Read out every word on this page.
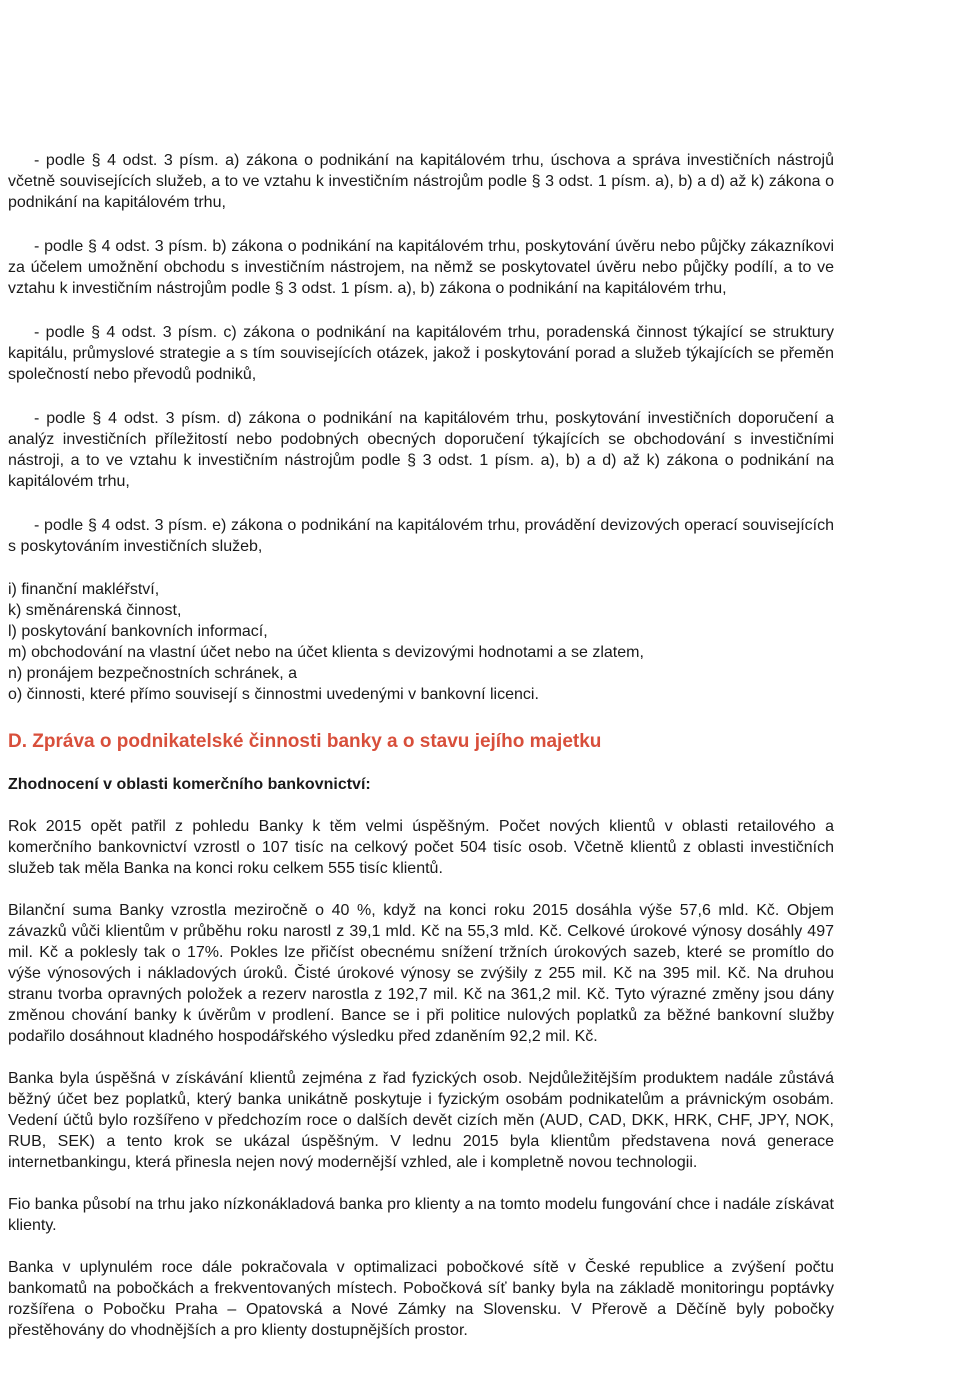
- podle § 4 odst. 3 písm. a) zákona o podnikání na kapitálovém trhu, úschova a správa investičních nástrojů včetně souvisejících služeb, a to ve vztahu k investičním nástrojům podle § 3 odst. 1 písm. a), b) a d) až k) zákona o podnikání na kapitálovém trhu,

- podle § 4 odst. 3 písm. b) zákona o podnikání na kapitálovém trhu, poskytování úvěru nebo půjčky zákazníkovi za účelem umožnění obchodu s investičním nástrojem, na němž se poskytovatel úvěru nebo půjčky podílí, a to ve vztahu k investičním nástrojům podle § 3 odst. 1 písm. a), b) zákona o podnikání na kapitálovém trhu,

- podle § 4 odst. 3 písm. c) zákona o podnikání na kapitálovém trhu, poradenská činnost týkající se struktury kapitálu, průmyslové strategie a s tím souvisejících otázek, jakož i poskytování porad a služeb týkajících se přeměn společností nebo převodů podniků,

- podle § 4 odst. 3 písm. d) zákona o podnikání na kapitálovém trhu, poskytování investičních doporučení a analýz investičních příležitostí nebo podobných obecných doporučení týkajících se obchodování s investičními nástroji, a to ve vztahu k investičním nástrojům podle § 3 odst. 1 písm. a), b) a d) až k) zákona o podnikání na kapitálovém trhu,

- podle § 4 odst. 3 písm. e) zákona o podnikání na kapitálovém trhu, provádění devizových operací souvisejících s poskytováním investičních služeb,

i) finanční makléřství,
k) směnárenská činnost,
l) poskytování bankovních informací,
m) obchodování na vlastní účet nebo na účet klienta s devizovými hodnotami a se zlatem,
n) pronájem bezpečnostních schránek, a
o) činnosti, které přímo souvisejí s činnostmi uvedenými v bankovní licenci.
D. Zpráva o podnikatelské činnosti banky a o stavu jejího majetku
Zhodnocení v oblasti komerčního bankovnictví:

Rok 2015 opět patřil z pohledu Banky k těm velmi úspěšným. Počet nových klientů v oblasti retailového a komerčního bankovnictví vzrostl o 107 tisíc na celkový počet 504 tisíc osob. Včetně klientů z oblasti investičních služeb tak měla Banka na konci roku celkem 555 tisíc klientů.

Bilanční suma Banky vzrostla meziročně o 40 %, když na konci roku 2015 dosáhla výše 57,6 mld. Kč. Objem závazků vůči klientům v průběhu roku narostl z 39,1 mld. Kč na 55,3 mld. Kč. Celkové úrokové výnosy dosáhly 497 mil. Kč a poklesly tak o 17%. Pokles lze přičíst obecnému snížení tržních úrokových sazeb, které se promítlo do výše výnosových i nákladových úroků. Čisté úrokové výnosy se zvýšily z 255 mil. Kč na 395 mil. Kč. Na druhou stranu tvorba opravných položek a rezerv narostla z 192,7 mil. Kč na 361,2 mil. Kč. Tyto výrazné změny jsou dány změnou chování banky k úvěrům v prodlení. Bance se i při politice nulových poplatků za běžné bankovní služby podařilo dosáhnout kladného hospodářského výsledku před zdaněním 92,2 mil. Kč.

Banka byla úspěšná v získávání klientů zejména z řad fyzických osob. Nejdůležitějším produktem nadále zůstává běžný účet bez poplatků, který banka unikátně poskytuje i fyzickým osobám podnikatelům a právnickým osobám. Vedení účtů bylo rozšířeno v předchozím roce o dalších devět cizích měn (AUD, CAD, DKK, HRK, CHF, JPY, NOK, RUB, SEK) a tento krok se ukázal úspěšným. V lednu 2015 byla klientům představena nová generace internetbankingu, která přinesla nejen nový modernější vzhled, ale i kompletně novou technologii.

Fio banka působí na trhu jako nízkonákladová banka pro klienty a na tomto modelu fungování chce i nadále získávat klienty.

Banka v uplynulém roce dále pokračovala v optimalizaci pobočkové sítě v České republice a zvýšení počtu bankomatů na pobočkách a frekventovaných místech. Pobočková síť banky byla na základě monitoringu poptávky rozšířena o Pobočku Praha – Opatovská a Nové Zámky na Slovensku. V Přerově a Děčíně byly pobočky přestěhovány do vhodnějších a pro klienty dostupnějších prostor.
